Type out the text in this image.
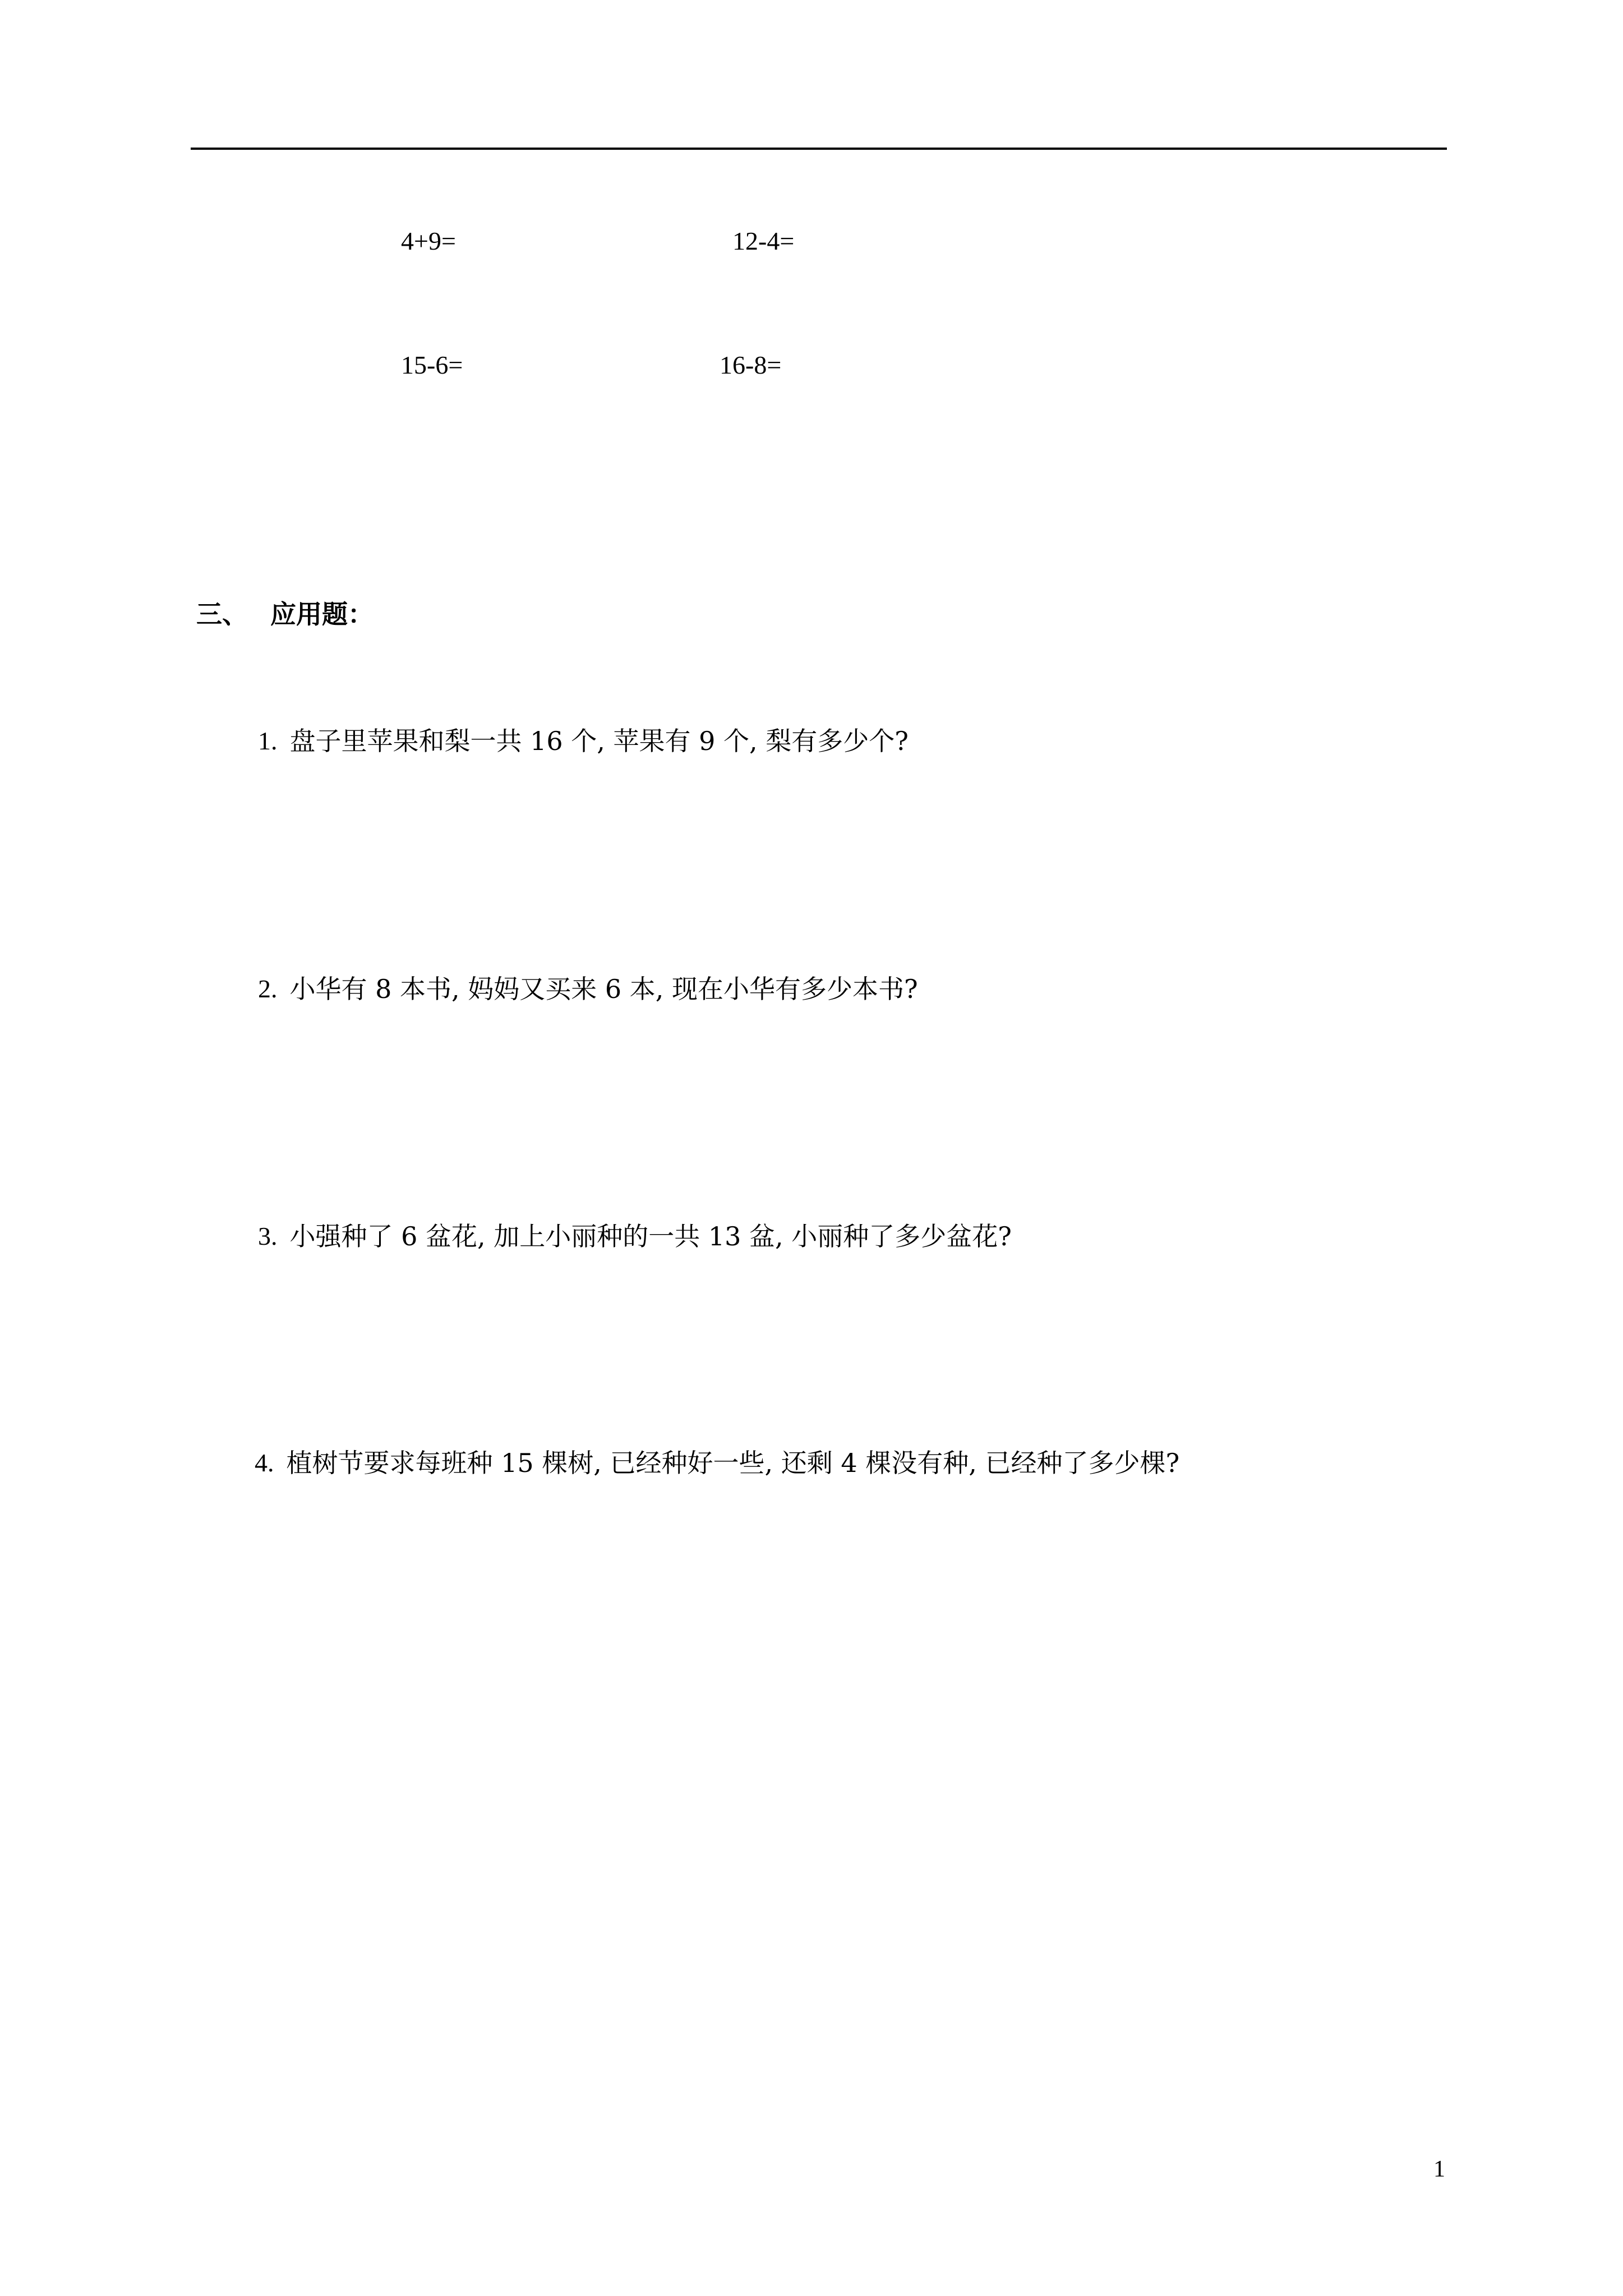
4+9=	12-4=
15-6=	16-8=
三、 应用题：
1. 盘子里苹果和梨一共 16 个, 苹果有 9 个, 梨有多少个?
2. 小华有 8 本书, 妈妈又买来 6 本, 现在小华有多少本书?
3. 小强种了 6 盆花, 加上小丽种的一共 13 盆, 小丽种了多少盆花?
4. 植树节要求每班种 15 棵树, 已经种好一些, 还剩 4 棵没有种, 已经种了多少棵?
1
